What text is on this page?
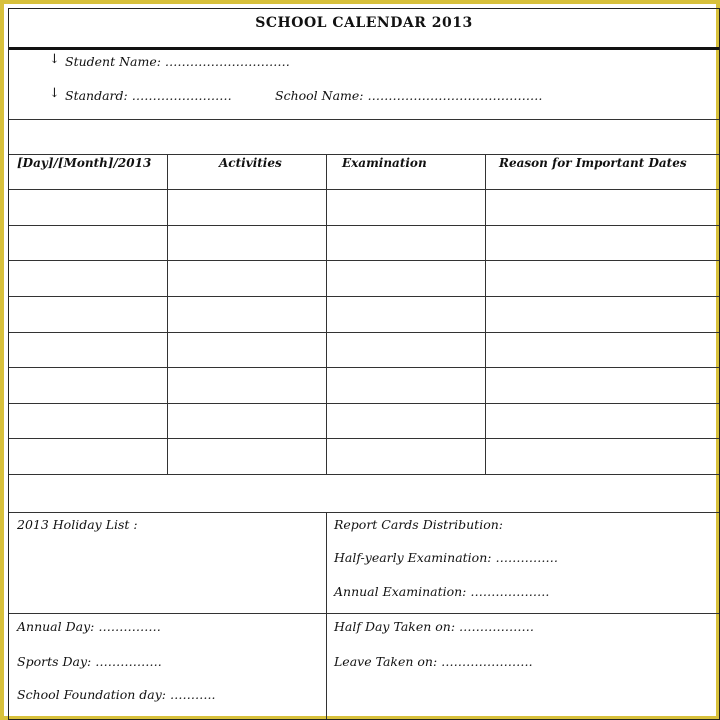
SCHOOL CALENDAR 2013
↓ Student Name: …………………………
↓ Standard: ……………………	School Name: ……………………………………
[Day]/[Month]/2013	Activities	Examination	Reason for Important Dates
2013 Holiday List :	Report Cards Distribution:
Half-yearly Examination: ……………
Annual Examination: ……………….
Annual Day: ……………
Sports Day: …………….
School Foundation day: ………..
Half Day Taken on: ………………
Leave Taken on: ………………….
